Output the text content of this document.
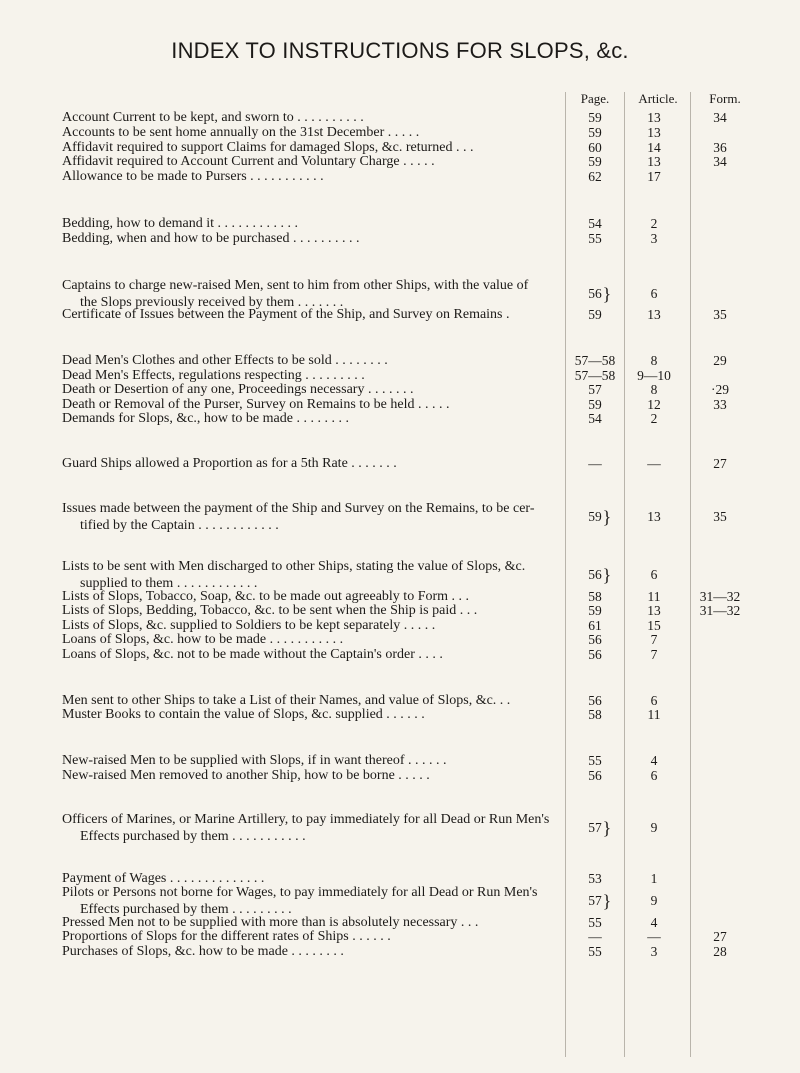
INDEX TO INSTRUCTIONS FOR SLOPS, &c.
Page.	Article.	Form.
Account Current to be kept, and sworn to . . . . . . . . . .	59	13	34
Accounts to be sent home annually on the 31st December . . . . .	59	13
Affidavit required to support Claims for damaged Slops, &c. returned . . .	60	14	36
Affidavit required to Account Current and Voluntary Charge . . . . .	59	13	34
Allowance to be made to Pursers . . . . . . . . . . .	62	17
Bedding, how to demand it . . . . . . . . . . . .	54	2
Bedding, when and how to be purchased . . . . . . . . . .	55	3
Captains to charge new-raised Men, sent to him from other Ships, with the value of
the Slops previously received by them . . . . . . .	}
56	6
Certificate of Issues between the Payment of the Ship, and Survey on Remains .	59	13	35
Dead Men's Clothes and other Effects to be sold . . . . . . . .	57—58	8	29
Dead Men's Effects, regulations respecting . . . . . . . . .	57—58	9—10
Death or Desertion of any one, Proceedings necessary . . . . . . .	57	8	·29
Death or Removal of the Purser, Survey on Remains to be held . . . . .	59	12	33
Demands for Slops, &c., how to be made . . . . . . . .	54	2
Guard Ships allowed a Proportion as for a 5th Rate . . . . . . .	—	—	27
Issues made between the payment of the Ship and Survey on the Remains, to be cer-
tified by the Captain . . . . . . . . . . . .	}
59	13	35
Lists to be sent with Men discharged to other Ships, stating the value of Slops, &c.
supplied to them . . . . . . . . . . . .	}
56	6
Lists of Slops, Tobacco, Soap, &c. to be made out agreeably to Form . . .	58	11	31—32
Lists of Slops, Bedding, Tobacco, &c. to be sent when the Ship is paid . . .	59	13	31—32
Lists of Slops, &c. supplied to Soldiers to be kept separately . . . . .	61	15
Loans of Slops, &c. how to be made . . . . . . . . . . .	56	7
Loans of Slops, &c. not to be made without the Captain's order . . . .	56	7
Men sent to other Ships to take a List of their Names, and value of Slops, &c. . .	56	6
Muster Books to contain the value of Slops, &c. supplied . . . . . .	58	11
New-raised Men to be supplied with Slops, if in want thereof . . . . . .	55	4
New-raised Men removed to another Ship, how to be borne . . . . .	56	6
Officers of Marines, or Marine Artillery, to pay immediately for all Dead or Run Men's
Effects purchased by them . . . . . . . . . . .	}
57	9
Payment of Wages . . . . . . . . . . . . . .	53	1
Pilots or Persons not borne for Wages, to pay immediately for all Dead or Run Men's
Effects purchased by them . . . . . . . . .	}
57	9
Pressed Men not to be supplied with more than is absolutely necessary . . .	55	4
Proportions of Slops for the different rates of Ships . . . . . .	—	—	27
Purchases of Slops, &c. how to be made . . . . . . . .	55	3	28
